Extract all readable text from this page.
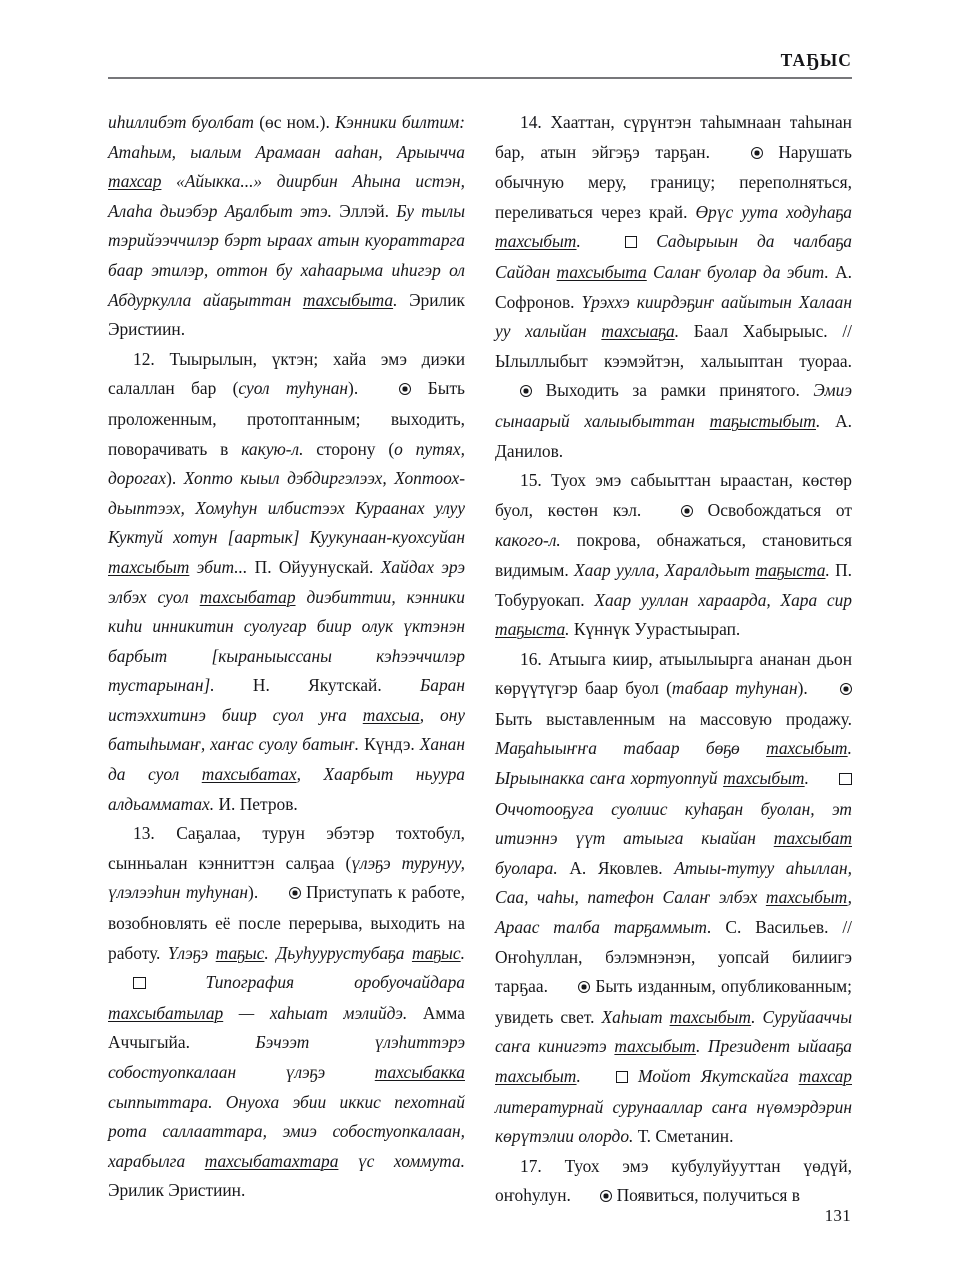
ТАҔЫС

иһиллибэт буолбат (өс ном.). Кэнники билтим: Атаһым, ыалым Арамаан ааһан, Арыычча тахсар «Айыкка...» диирбин Аһына истэн, Алаһа дьиэбэр Аҕалбыт этэ. Эллэй. Бу тылы тэрийээччилэр бэрт ыраах атын куораттарга баар этилэр, оттон бу хаһаарыма иһигэр ол Абдуркулла айаҕыттан тахсыбыта. Эрилик Эристиин.

12. Тыырылын, үктэн; хайа эмэ диэки салаллан бар (суол туһунан).  Быть проложенным, протоптанным; выходить, поворачивать в какую-л. сторону (о путях, дорогах). Хопто кыыл дэбдиргэлээх, Хоптоох-дьыптээх, Хомуһун илбистээх Кураанах улуу Куктуй хотун [аартык] Куукунаан-куохсуйан тахсыбыт эбит... П. Ойуунускай. Хайдах эрэ элбэх суол тахсыбатар диэбиттии, кэнники киһи инникитин суолугар биир олук үктэнэн барбыт [кыраныыссаны кэһээччилэр тустарынан]. Н. Якутскай. Баран истэххитинэ биир суол уҥа тахсыа, ону батыһымаҥ, хаҥас суолу батыҥ. Күндэ. Ханан да суол тахсыбатах, Хаарбыт ньуура алдьамматах. И. Петров.

13. Саҕалаа, турун эбэтэр тохтобул, сынньалан кэнниттэн салҕаа (үлэҕэ турунуу, үлэлээһин туһунан).  Приступать к работе, возобновлять её после перерыва, выходить на работу. Үлэҕэ таҕыс. Дьуһуурустубаҕа таҕыс.  Типография оробуочайдара тахсыбатылар — хаһыат мэлийдэ. Амма Аччыгыйа. Бэчээт үлэһиттэрэ собостуопкалаан үлэҕэ тахсыбакка сыппыттара. Онуоха эбии иккис пехотнай рота саллааттара, эмиэ собостуопкалаан, харабылга тахсыбатахтара үс хоммута. Эрилик Эристиин.

14. Хааттан, сүрүнтэн таһымнаан таһынан бар, атын эйгэҕэ тарҕан.  Нарушать обычную меру, границу; переполняться, переливаться через край. Өрүс уута ходуһаҕа тахсыбыт.  Садырыын да чалбаҕа Сайдан тахсыбыта Салаҥ буолар да эбит. А. Софронов. Үрэххэ киирдэҕиҥ аайытын Халаан уу халыйан тахсыаҕа. Баал Хабырыыс. // Ылыллыбыт кээмэйтэн, халыыптан туораа.  Выходить за рамки принятого. Эмиэ сынаарый халыыбыттан таҕыстыбыт. А. Данилов.

15. Туох эмэ сабыыттан ыраастан, көстөр буол, көстөн кэл.  Освобождаться от какого-л. покрова, обнажаться, становиться видимым. Хаар уулла, Харалдьыт таҕыста. П. Тобуруокап. Хаар ууллан хараарда, Хара сир таҕыста. Күннүк Уурастыырап.

16. Атыыга киир, атыылыырга ананан дьон көрүүтүгэр баар буол (табаар туһунан).  Быть выставленным на массовую продажу. Маҕаһыыҥҥа табаар бөҕө тахсыбыт. Ырыынакка саҥа хортуоппуй тахсыбыт.  Оччотооҕуга суолиис куһаҕан буолан, эт итиэннэ үүт атыыга кыайан тахсыбат буолара. А. Яковлев. Атыы-тутуу аһыллан, Саа, чаһы, патефон Салаҥ элбэх тахсыбыт, Араас талба тарҕаммыт. С. Васильев. // Оҥоһуллан, бэлэмнэнэн, уопсай билиигэ тарҕаа.  Быть изданным, опубликованным; увидеть свет. Хаһыат тахсыбыт. Суруйааччы саҥа кинигэтэ тахсыбыт. Президент ыйааҕа тахсыбыт.  Мойот Якутскайга тахсар литературнай сурунааллар саҥа нүөмэрдэрин көрүтэлии олордо. Т. Сметанин.

17. Туох эмэ кубулуйууттан үөдүй, оҥоһулун.  Появиться, получиться в

131
